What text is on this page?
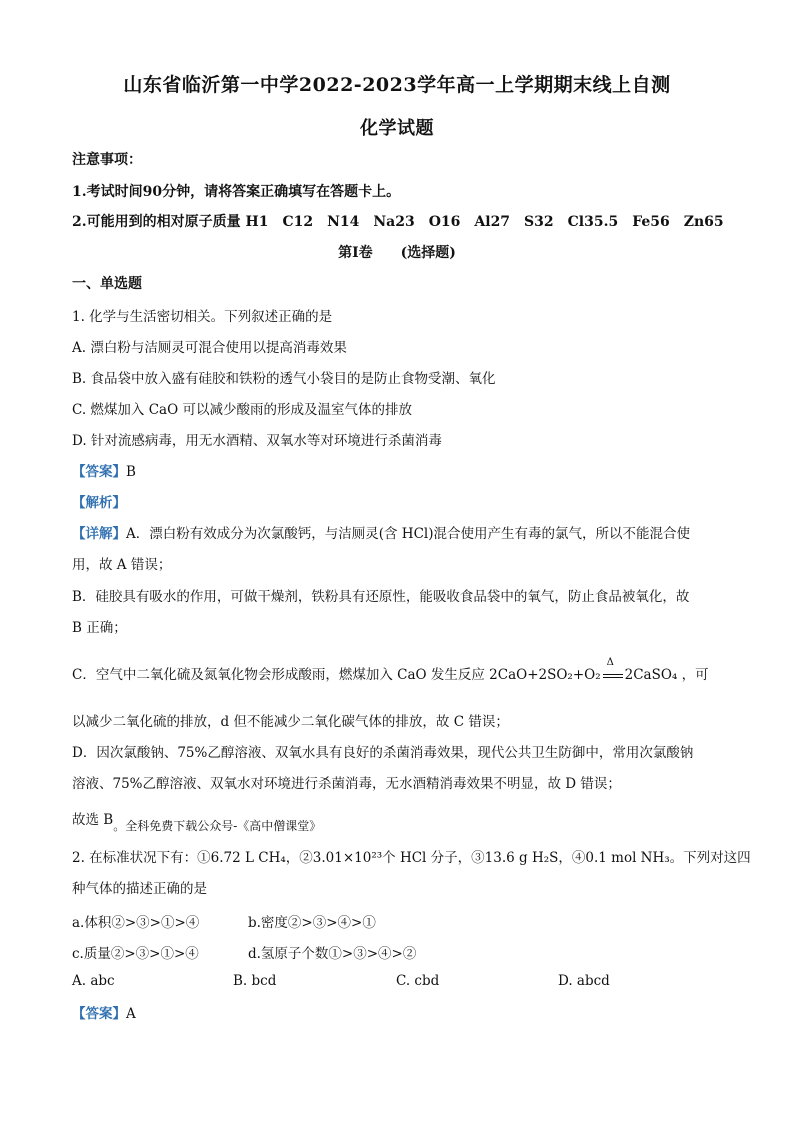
山东省临沂第一中学2022-2023学年高一上学期期末线上自测
化学试题
注意事项：
1.考试时间90分钟，请将答案正确填写在答题卡上。
2.可能用到的相对原子质量 H1　C12　N14　Na23　O16　Al27　S32　Cl35.5　Fe56　Zn65
第Ⅰ卷　　(选择题)
一、单选题
1. 化学与生活密切相关。下列叙述正确的是
A. 漂白粉与洁厕灵可混合使用以提高消毒效果
B. 食品袋中放入盛有硅胶和铁粉的透气小袋目的是防止食物受潮、氧化
C. 燃煤加入 CaO 可以减少酸雨的形成及温室气体的排放
D. 针对流感病毒，用无水酒精、双氧水等对环境进行杀菌消毒
【答案】B
【解析】
【详解】A．漂白粉有效成分为次氯酸钙，与洁厕灵(含 HCl)混合使用产生有毒的氯气，所以不能混合使
用，故 A 错误；
B．硅胶具有吸水的作用，可做干燥剂，铁粉具有还原性，能吸收食品袋中的氧气，防止食品被氧化，故
B 正确；
C．空气中二氧化硫及氮氧化物会形成酸雨，燃煤加入 CaO 发生反应 2CaO+2SO₂+O₂
Δ
2CaSO₄ ，可
以减少二氧化硫的排放，d 但不能减少二氧化碳气体的排放，故 C 错误；
D．因次氯酸钠、75%乙醇溶液、双氧水具有良好的杀菌消毒效果，现代公共卫生防御中，常用次氯酸钠
溶液、75%乙醇溶液、双氧水对环境进行杀菌消毒，无水酒精消毒效果不明显，故 D 错误；
故选 B。全科免费下载公众号-《高中僧课堂》
2. 在标准状况下有：①6.72 L CH₄，②3.01×10²³个 HCl 分子，③13.6 g H₂S，④0.1 mol NH₃。下列对这四
种气体的描述正确的是
a.体积②>③>①>④	b.密度②>③>④>①
c.质量②>③>①>④	d.氢原子个数①>③>④>②
A. abc	B. bcd	C. cbd	D. abcd
【答案】A
